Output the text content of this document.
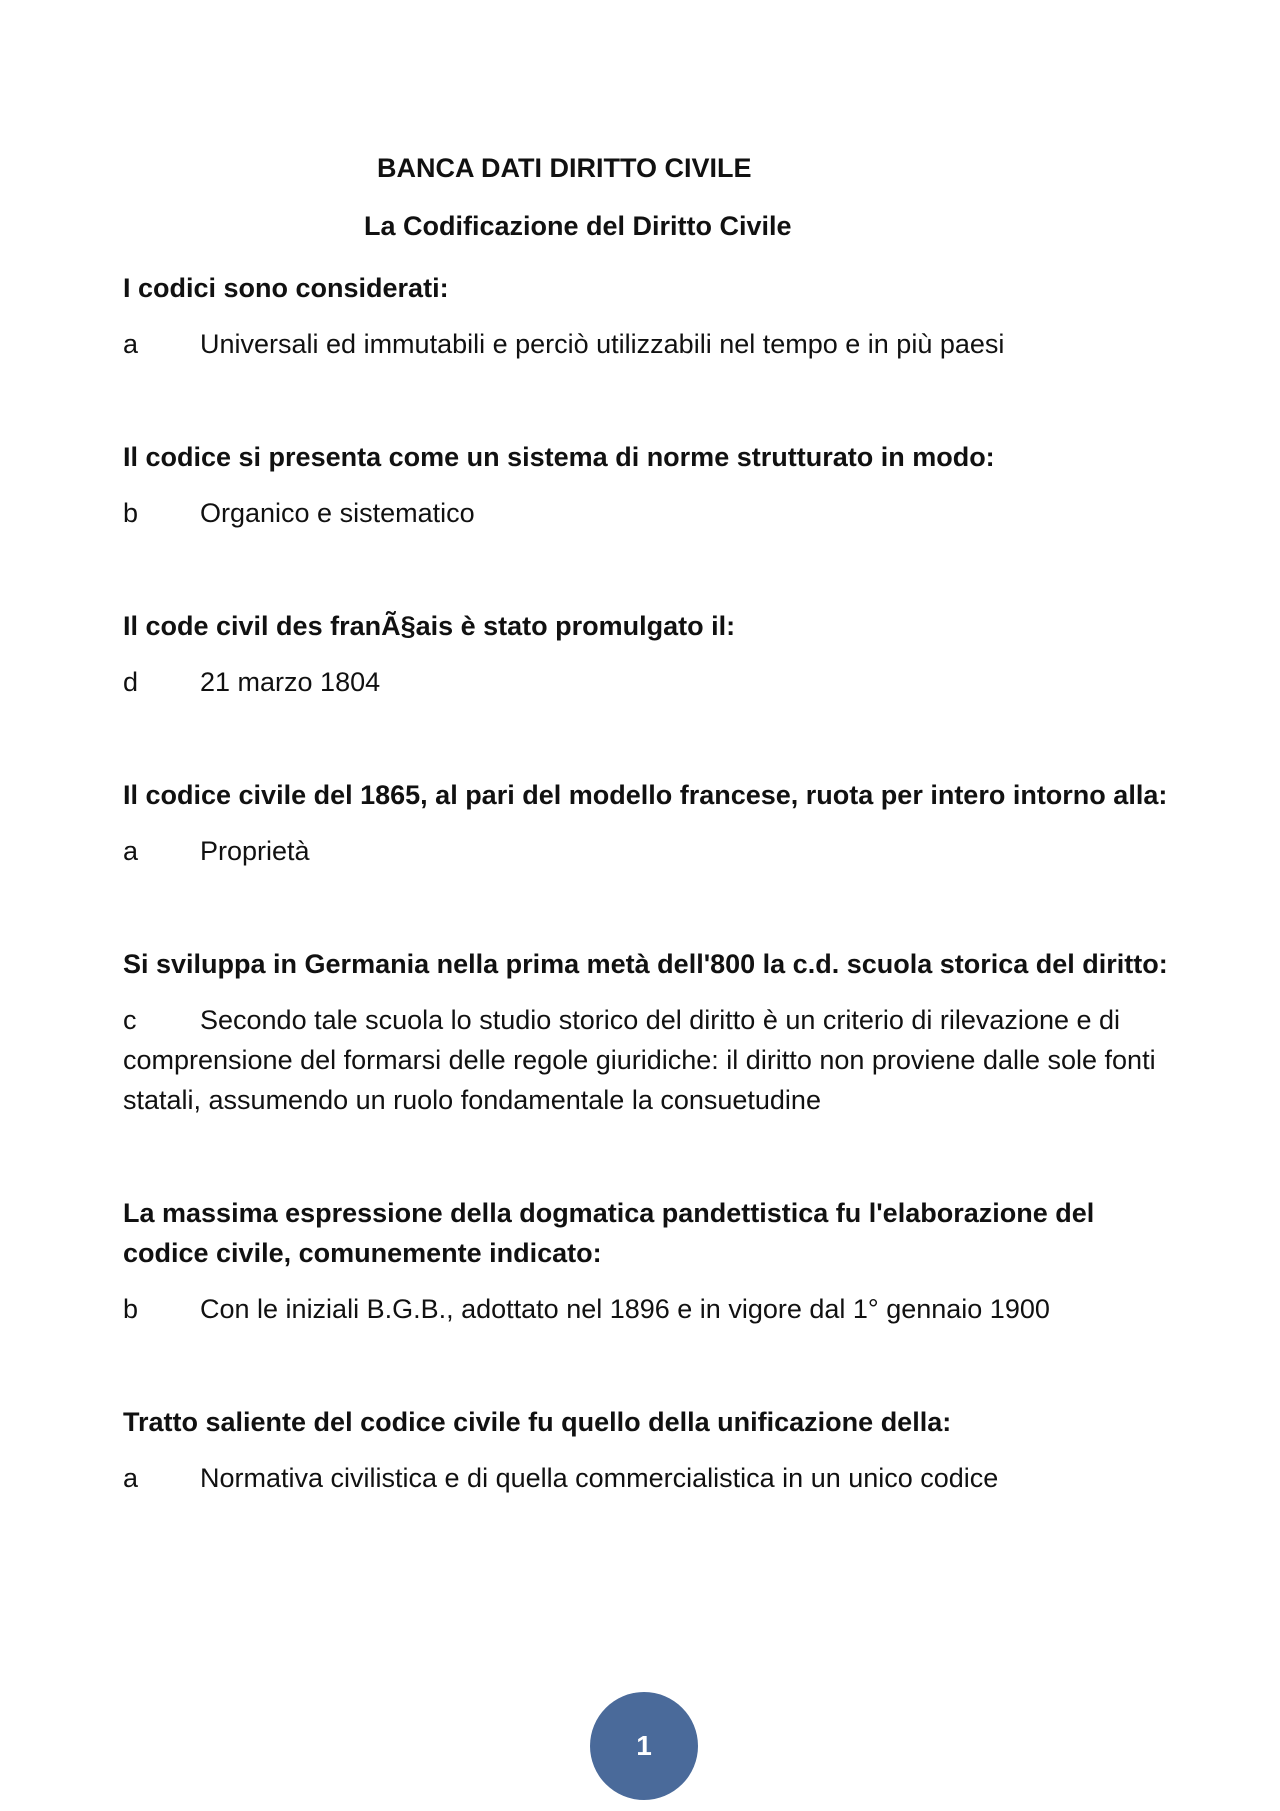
BANCA DATI DIRITTO CIVILE
La Codificazione del Diritto Civile

I codici sono considerati:

a Universali ed immutabili e perciò utilizzabili nel tempo e in più paesi

Il codice si presenta come un sistema di norme strutturato in modo:

b Organico e sistematico

Il code civil des franÃ§ais è stato promulgato il:

d 21 marzo 1804

Il codice civile del 1865, al pari del modello francese, ruota per intero intorno alla:

a Proprietà

Si sviluppa in Germania nella prima metà dell'800 la c.d. scuola storica del diritto:

c Secondo tale scuola lo studio storico del diritto è un criterio di rilevazione e di comprensione del formarsi delle regole giuridiche: il diritto non proviene dalle sole fonti statali, assumendo un ruolo fondamentale la consuetudine

La massima espressione della dogmatica pandettistica fu l'elaborazione del codice civile, comunemente indicato:

b Con le iniziali B.G.B., adottato nel 1896 e in vigore dal 1° gennaio 1900

Tratto saliente del codice civile fu quello della unificazione della:

a Normativa civilistica e di quella commercialistica in un unico codice

1
